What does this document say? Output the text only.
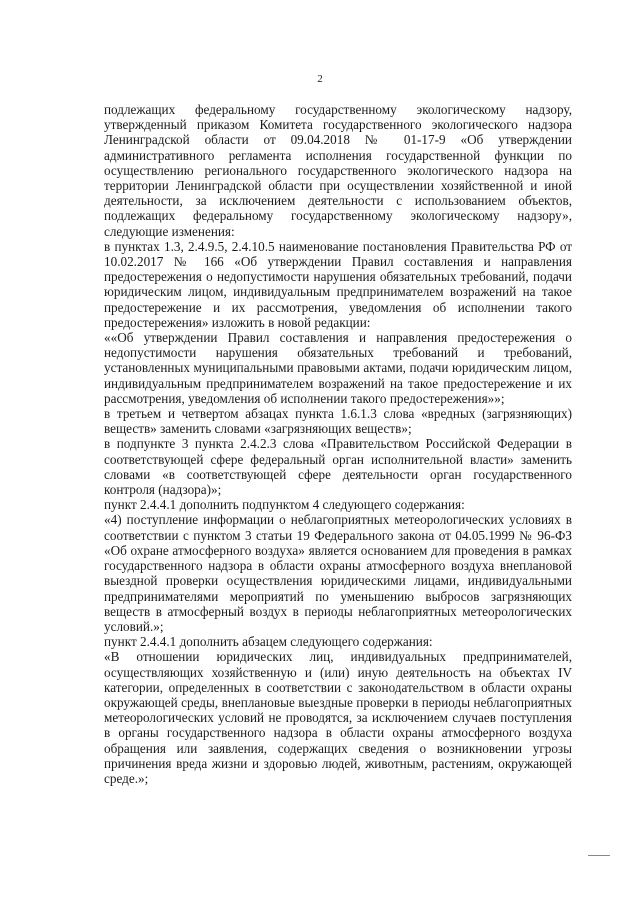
2

подлежащих федеральному государственному экологическому надзору, утвержденный приказом Комитета государственного экологического надзора Ленинградской области от 09.04.2018 № 01-17-9 «Об утверждении административного регламента исполнения государственной функции по осуществлению регионального государственного экологического надзора на территории Ленинградской области при осуществлении хозяйственной и иной деятельности, за исключением деятельности с использованием объектов, подлежащих федеральному государственному экологическому надзору», следующие изменения:

в пунктах 1.3, 2.4.9.5, 2.4.10.5 наименование постановления Правительства РФ от 10.02.2017 № 166 «Об утверждении Правил составления и направления предостережения о недопустимости нарушения обязательных требований, подачи юридическим лицом, индивидуальным предпринимателем возражений на такое предостережение и их рассмотрения, уведомления об исполнении такого предостережения» изложить в новой редакции:

««Об утверждении Правил составления и направления предостережения о недопустимости нарушения обязательных требований и требований, установленных муниципальными правовыми актами, подачи юридическим лицом, индивидуальным предпринимателем возражений на такое предостережение и их рассмотрения, уведомления об исполнении такого предостережения»»;

в третьем и четвертом абзацах пункта 1.6.1.3 слова «вредных (загрязняющих) веществ» заменить словами «загрязняющих веществ»;

в подпункте 3 пункта 2.4.2.3 слова «Правительством Российской Федерации в соответствующей сфере федеральный орган исполнительной власти» заменить словами «в соответствующей сфере деятельности орган государственного контроля (надзора)»;

пункт 2.4.4.1 дополнить подпунктом 4 следующего содержания:

«4) поступление информации о неблагоприятных метеорологических условиях в соответствии с пунктом 3 статьи 19 Федерального закона от 04.05.1999 № 96-ФЗ «Об охране атмосферного воздуха» является основанием для проведения в рамках государственного надзора в области охраны атмосферного воздуха внеплановой выездной проверки осуществления юридическими лицами, индивидуальными предпринимателями мероприятий по уменьшению выбросов загрязняющих веществ в атмосферный воздух в периоды неблагоприятных метеорологических условий.»;

пункт 2.4.4.1 дополнить абзацем следующего содержания:

«В отношении юридических лиц, индивидуальных предпринимателей, осуществляющих хозяйственную и (или) иную деятельность на объектах IV категории, определенных в соответствии с законодательством в области охраны окружающей среды, внеплановые выездные проверки в периоды неблагоприятных метеорологических условий не проводятся, за исключением случаев поступления в органы государственного надзора в области охраны атмосферного воздуха обращения или заявления, содержащих сведения о возникновении угрозы причинения вреда жизни и здоровью людей, животным, растениям, окружающей среде.»;
